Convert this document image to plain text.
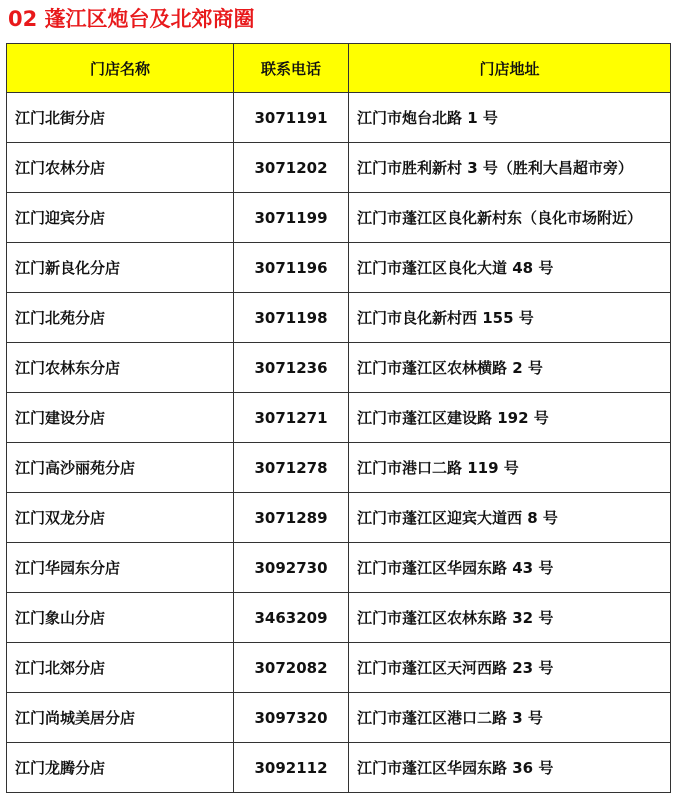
02 蓬江区炮台及北郊商圈
门店名称	联系电话	门店地址
江门北街分店	3071191	江门市炮台北路 1 号
江门农林分店	3071202	江门市胜利新村 3 号（胜利大昌超市旁）
江门迎宾分店	3071199	江门市蓬江区良化新村东（良化市场附近）
江门新良化分店	3071196	江门市蓬江区良化大道 48 号
江门北苑分店	3071198	江门市良化新村西 155 号
江门农林东分店	3071236	江门市蓬江区农林横路 2 号
江门建设分店	3071271	江门市蓬江区建设路 192 号
江门高沙丽苑分店	3071278	江门市港口二路 119 号
江门双龙分店	3071289	江门市蓬江区迎宾大道西 8 号
江门华园东分店	3092730	江门市蓬江区华园东路 43 号
江门象山分店	3463209	江门市蓬江区农林东路 32 号
江门北郊分店	3072082	江门市蓬江区天河西路 23 号
江门尚城美居分店	3097320	江门市蓬江区港口二路 3 号
江门龙腾分店	3092112	江门市蓬江区华园东路 36 号
